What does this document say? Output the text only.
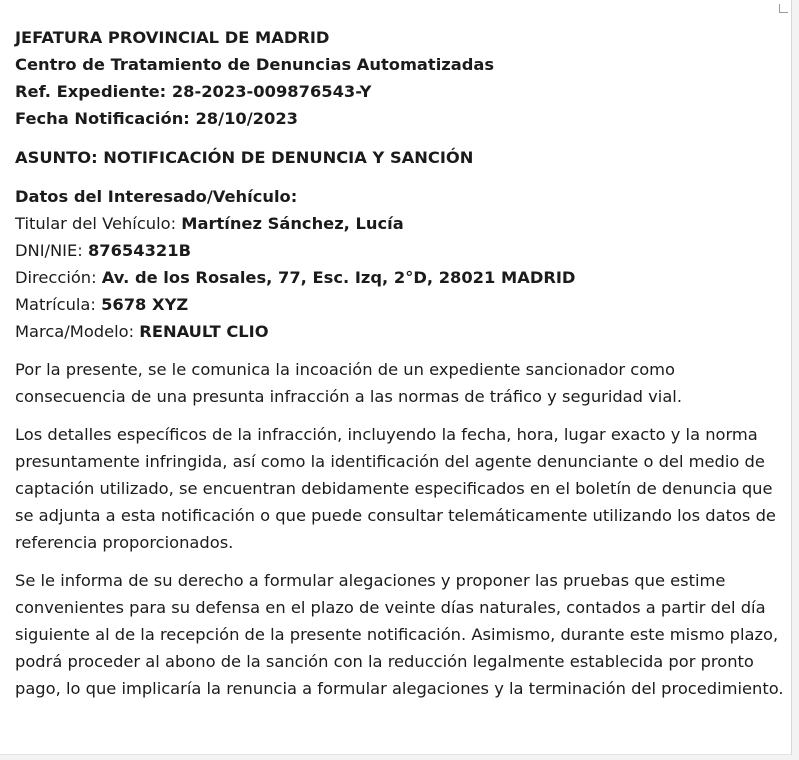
JEFATURA PROVINCIAL DE MADRID
Centro de Tratamiento de Denuncias Automatizadas
Ref. Expediente: 28-2023-009876543-Y
Fecha Notificación: 28/10/2023
ASUNTO: NOTIFICACIÓN DE DENUNCIA Y SANCIÓN
Datos del Interesado/Vehículo:
Titular del Vehículo: Martínez Sánchez, Lucía
DNI/NIE: 87654321B
Dirección: Av. de los Rosales, 77, Esc. Izq, 2°D, 28021 MADRID
Matrícula: 5678 XYZ
Marca/Modelo: RENAULT CLIO

Por la presente, se le comunica la incoación de un expediente sancionador como consecuencia de una presunta infracción a las normas de tráfico y seguridad vial.

Los detalles específicos de la infracción, incluyendo la fecha, hora, lugar exacto y la norma presuntamente infringida, así como la identificación del agente denunciante o del medio de captación utilizado, se encuentran debidamente especificados en el boletín de denuncia que se adjunta a esta notificación o que puede consultar telemáticamente utilizando los datos de referencia proporcionados.

Se le informa de su derecho a formular alegaciones y proponer las pruebas que estime convenientes para su defensa en el plazo de veinte días naturales, contados a partir del día siguiente al de la recepción de la presente notificación. Asimismo, durante este mismo plazo, podrá proceder al abono de la sanción con la reducción legalmente establecida por pronto pago, lo que implicaría la renuncia a formular alegaciones y la terminación del procedimiento.
